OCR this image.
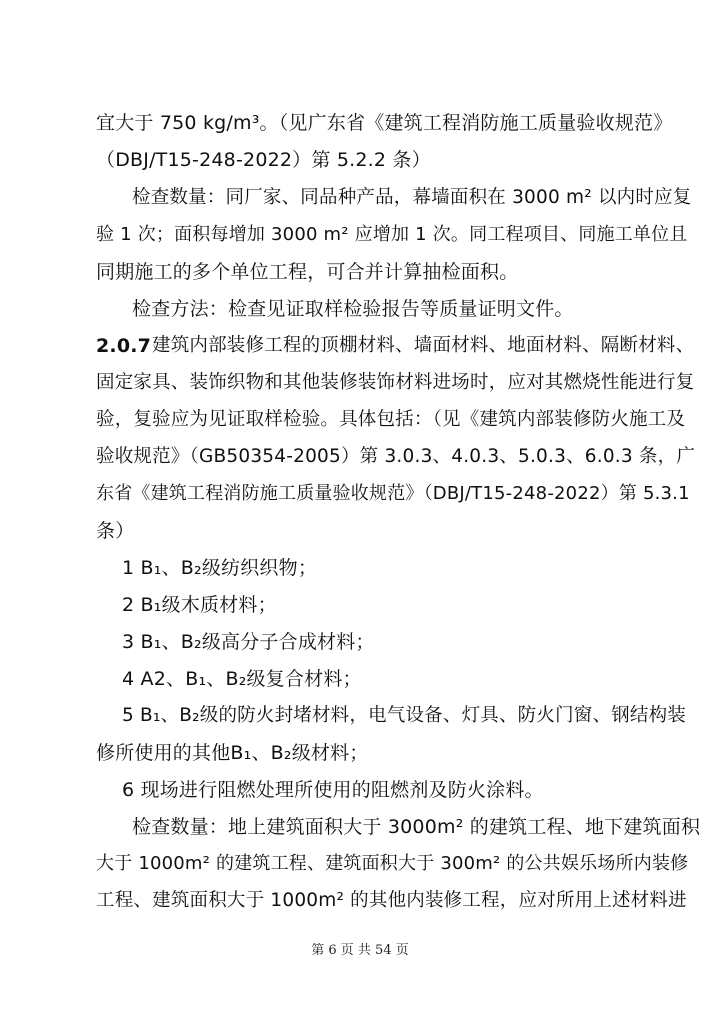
宜大于 750 kg/m³。（见广东省《建筑工程消防施工质量验收规范》
（DBJ/T15-248-2022）第 5.2.2 条）
检查数量：同厂家、同品种产品，幕墙面积在 3000 m² 以内时应复
验 1 次；面积每增加 3000 m² 应增加 1 次。同工程项目、同施工单位且
同期施工的多个单位工程，可合并计算抽检面积。
检查方法：检查见证取样检验报告等质量证明文件。
2.0.7 建筑内部装修工程的顶棚材料、墙面材料、地面材料、隔断材料、
固定家具、装饰织物和其他装修装饰材料进场时，应对其燃烧性能进行复
验，复验应为见证取样检验。具体包括：（见《建筑内部装修防火施工及
验收规范》（GB50354-2005）第 3.0.3、4.0.3、5.0.3、6.0.3 条，广
东省《建筑工程消防施工质量验收规范》（DBJ/T15-248-2022）第 5.3.1
条）
1 B₁、B₂级纺织织物；
2 B₁级木质材料；
3 B₁、B₂级高分子合成材料；
4 A2、B₁、B₂级复合材料；
5 B₁、B₂级的防火封堵材料，电气设备、灯具、防火门窗、钢结构装
修所使用的其他B₁、B₂级材料；
6 现场进行阻燃处理所使用的阻燃剂及防火涂料。
检查数量：地上建筑面积大于 3000m² 的建筑工程、地下建筑面积
大于 1000m² 的建筑工程、建筑面积大于 300m² 的公共娱乐场所内装修
工程、建筑面积大于 1000m² 的其他内装修工程，应对所用上述材料进
第 6 页 共 54 页
